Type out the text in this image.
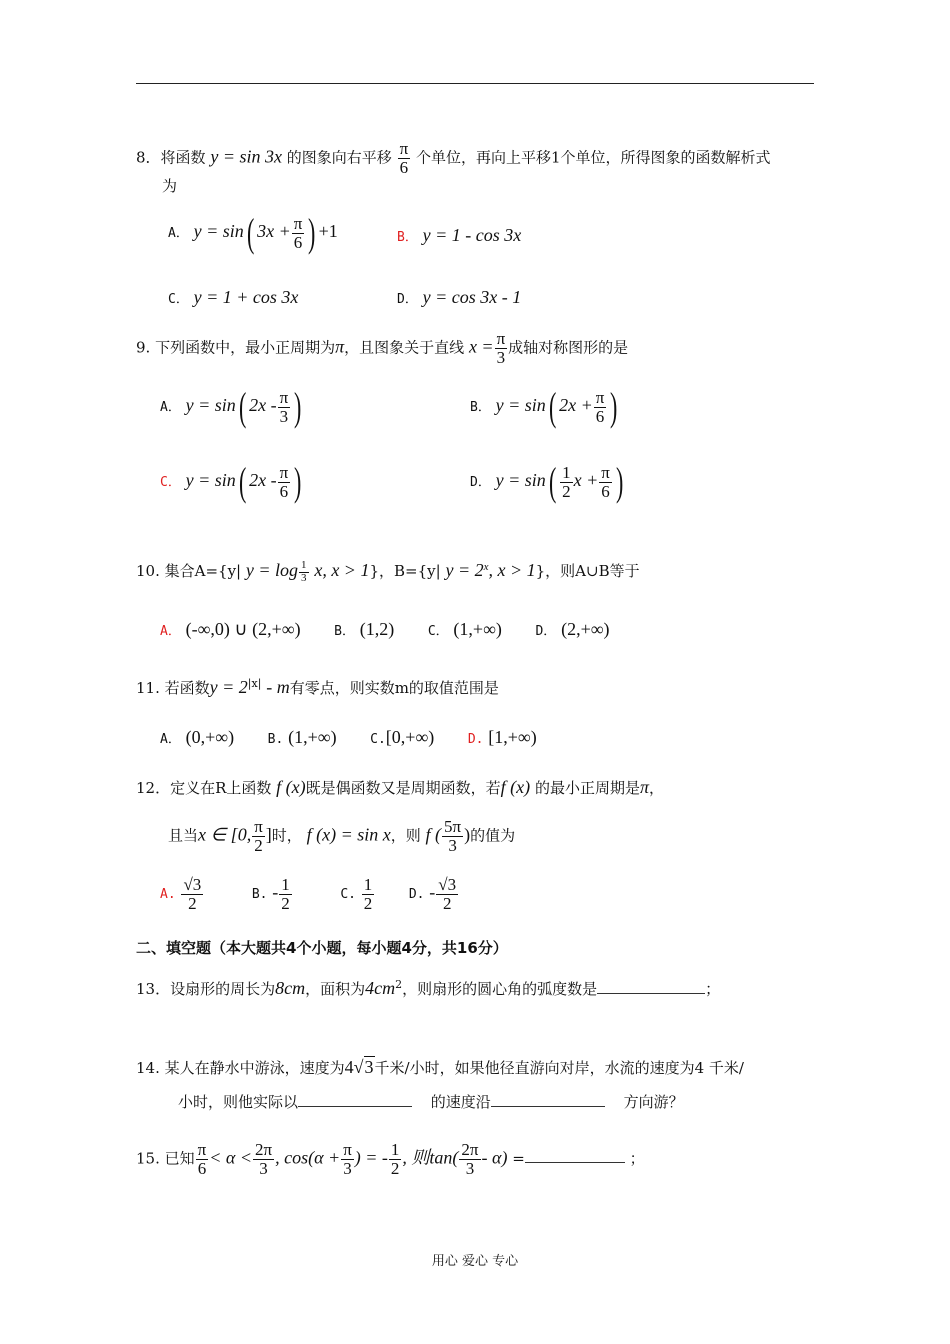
8．将函数 y = sin 3x 的图象向右平移 $\frac{\pi}{6}$ 个单位，再向上平移1个单位，所得图象的函数解析式
为
A． y = sin( $3x + \frac{\pi}{6}$ ) +1	B． y = 1 - cos 3x
C． y = 1 + cos 3x	D． y = cos 3x - 1
9. 下列函数中，最小正周期为π，且图象关于直线 $x = \frac{\pi}{3}$ 成轴对称图形的是
A． y = sin( $2x - \frac{\pi}{3}$ )	B． y = sin( $2x + \frac{\pi}{6}$ )
C． y = sin( $2x - \frac{\pi}{6}$ )	D． $y = \sin( \frac{1}{2}$ $x + \frac{\pi}{6}$ )
10. 集合A={y| $y = \log \frac{1}{3} x$, x > 1}，B={y| $y = 2^x$, x > 1}，则A∪B等于
A． (-∞,0) ∪ (2,+∞)	B． (1,2)	C． (1,+∞)	D． (2,+∞)
11. 若函数$y = 2^{|x|} - m$有零点，则实数m的取值范围是
A． (0,+∞)	B. (1,+∞)	C.[0,+∞)	D. [1,+∞)
12．定义在R上函数 f (x)既是偶函数又是周期函数，若f (x) 的最小正周期是π，
且当x ∈ [0, $\frac{\pi}{2}$ ]时， f (x) = sin x，则 f ( $\frac{5\pi}{3}$ )的值为
A. $\frac{√3}{2}$	B. - $\frac{1}{2}$	C. $\frac{1}{2}$	D. - $\frac{√3}{2}$
二、填空题（本大题共4个小题，每小题4分，共16分）
13．设扇形的周长为8cm，面积为$4cm^2$，则扇形的圆心角的弧度数是	；
14. 某人在静水中游泳，速度为4√3千米/小时，如果他径直游向对岸，水流的速度为4 千米/
小时，则他实际以	的速度沿	方向游？
15. 已知 $\frac{\pi}{6} < \alpha < \frac{2\pi}{3}$ , $\cos(\alpha + \frac{\pi}{3}$ ) = - $\frac{1}{2}$ , 则$\tan( \frac{2\pi}{3} - \alpha)$ =	；
用心 爱心 专心
